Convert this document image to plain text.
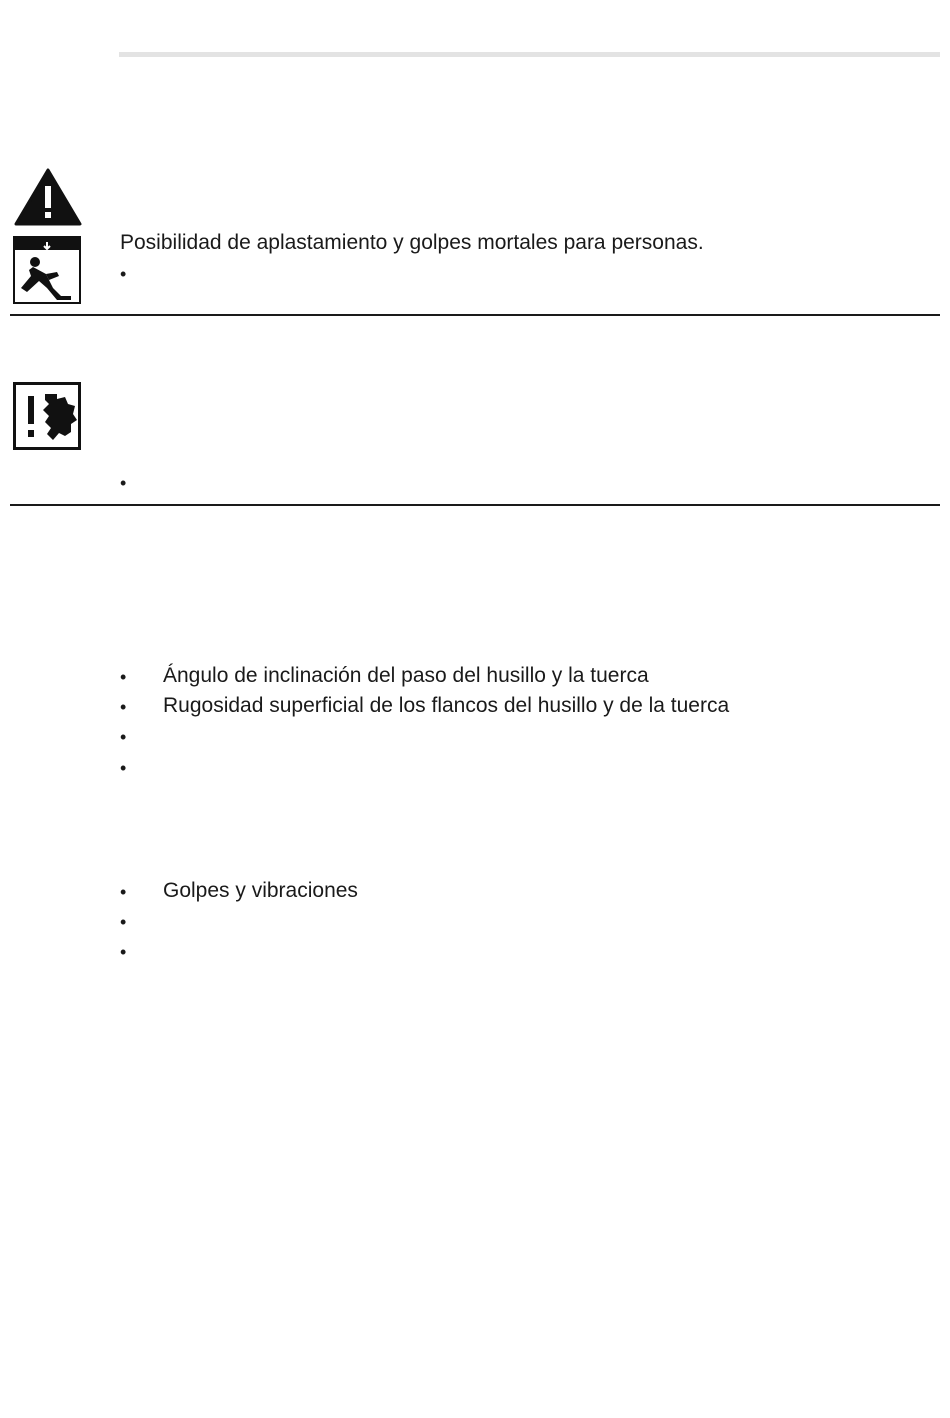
Posibilidad de aplastamiento y golpes mortales para personas.
•
•
• Ángulo de inclinación del paso del husillo y la tuerca
• Rugosidad superficial de los flancos del husillo y de la tuerca
•
•
• Golpes y vibraciones
•
•
